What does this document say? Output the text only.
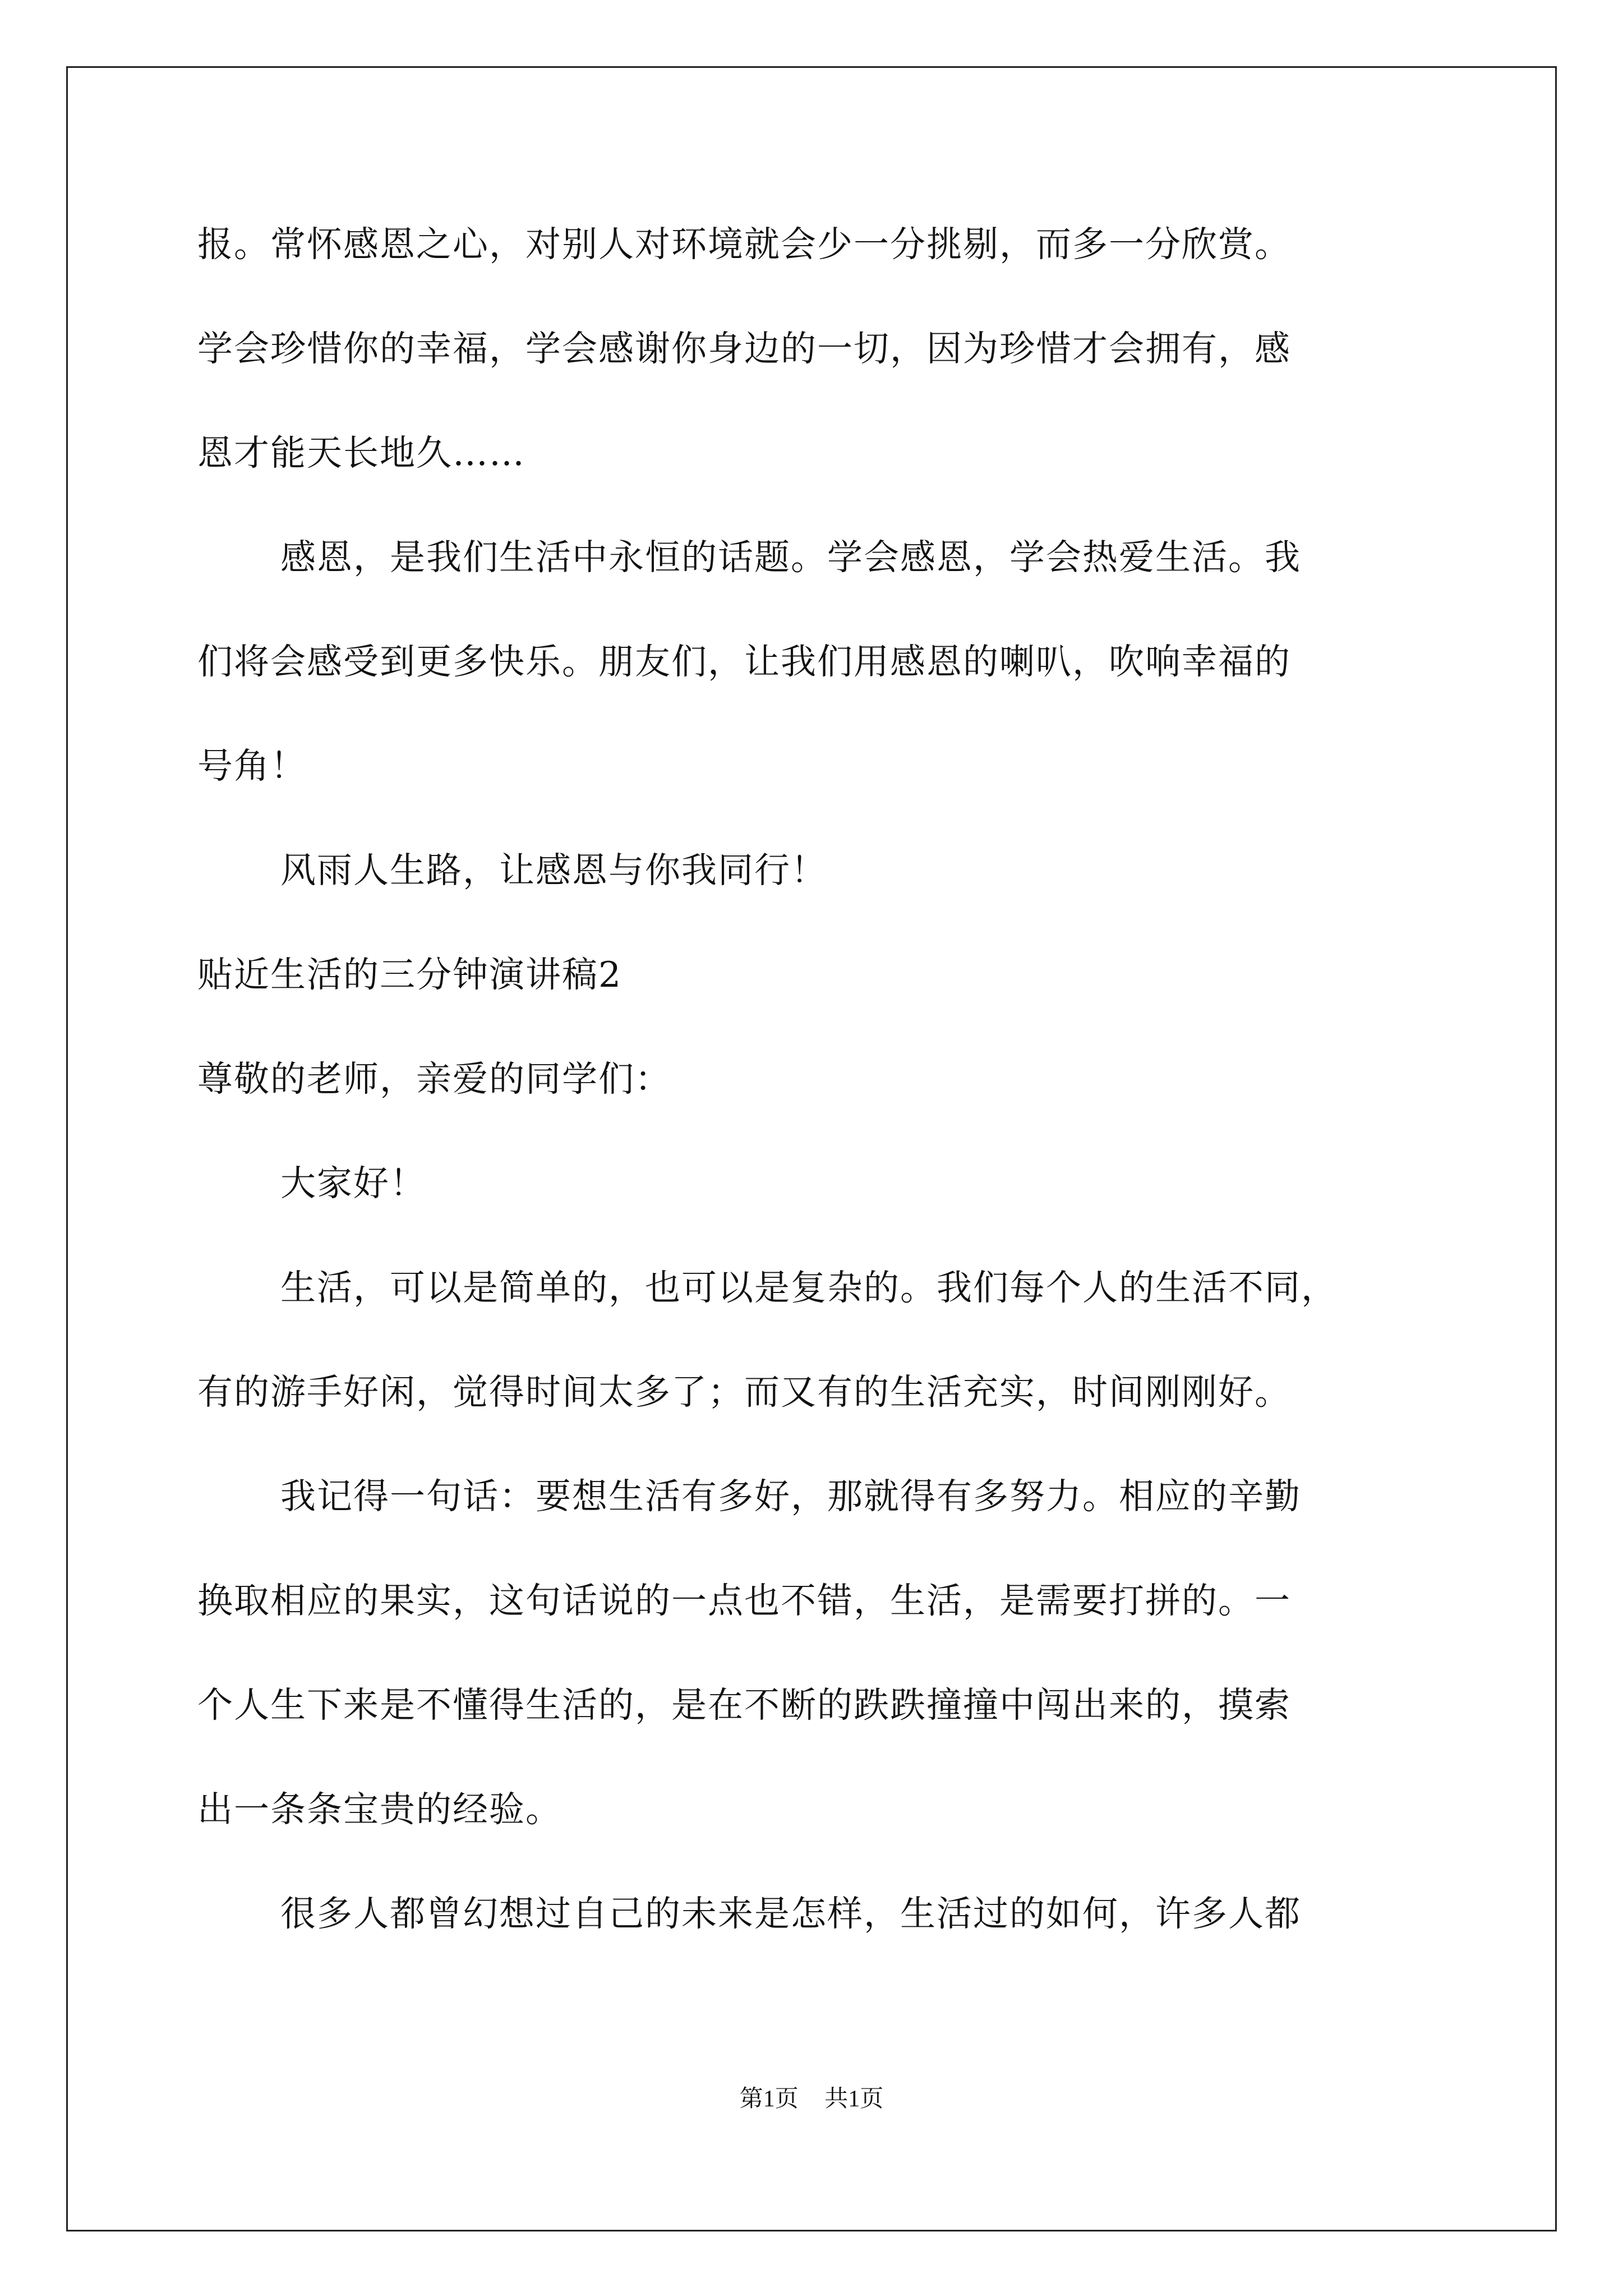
报。常怀感恩之心，对别人对环境就会少一分挑剔，而多一分欣赏。
学会珍惜你的幸福，学会感谢你身边的一切，因为珍惜才会拥有，感
恩才能天长地久……
感恩，是我们生活中永恒的话题。学会感恩，学会热爱生活。我
们将会感受到更多快乐。朋友们，让我们用感恩的喇叭，吹响幸福的
号角！
风雨人生路，让感恩与你我同行！
贴近生活的三分钟演讲稿2
尊敬的老师，亲爱的同学们：
大家好！
生活，可以是简单的，也可以是复杂的。我们每个人的生活不同，
有的游手好闲，觉得时间太多了；而又有的生活充实，时间刚刚好。
我记得一句话：要想生活有多好，那就得有多努力。相应的辛勤
换取相应的果实，这句话说的一点也不错，生活，是需要打拼的。一
个人生下来是不懂得生活的，是在不断的跌跌撞撞中闯出来的，摸索
出一条条宝贵的经验。
很多人都曾幻想过自己的未来是怎样，生活过的如何，许多人都
第1页 共1页
